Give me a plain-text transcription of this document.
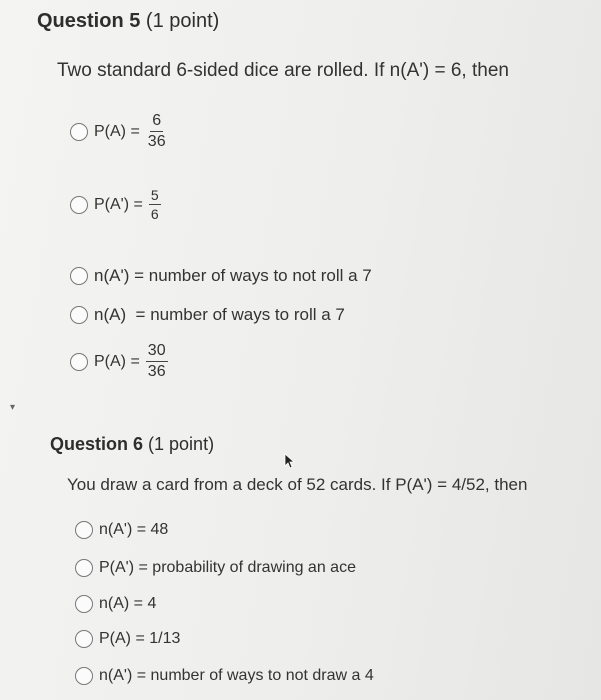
Question 5 (1 point)
Two standard 6-sided dice are rolled. If n(A') = 6, then
$P(A) = \frac{6}{36}$
$P(A') = \frac{5}{6}$
n(A') = number of ways to not roll a 7
n(A)  = number of ways to roll a 7
$P(A) = \frac{30}{36}$
▾
Question 6 (1 point)
You draw a card from a deck of 52 cards. If P(A') = 4/52, then
n(A') = 48
P(A') = probability of drawing an ace
n(A) = 4
P(A) = 1/13
n(A') = number of ways to not draw a 4
